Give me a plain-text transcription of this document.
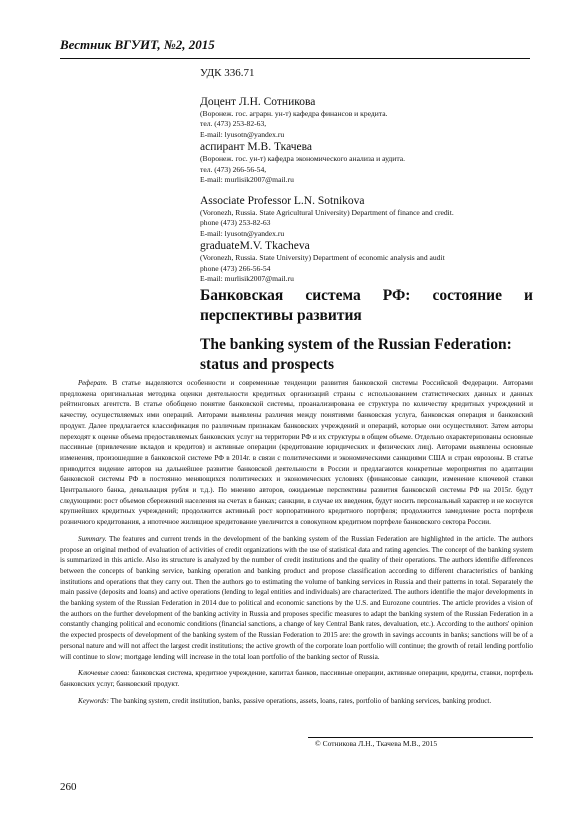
Вестник ВГУИТ, №2, 2015
УДК 336.71
Доцент Л.Н. Сотникова
(Воронеж. гос. аграрн. ун-т) кафедра финансов и кредита.
тел. (473) 253-82-63,
E-mail: lyusotn@yandex.ru
аспирант М.В. Ткачева
(Воронеж. гос. ун-т) кафедра экономического анализа и аудита.
тел. (473) 266-56-54,
E-mail: murlisik2007@mail.ru
Associate Professor L.N. Sotnikova
(Voronezh, Russia. State Agricultural University) Department of finance and credit.
phone (473) 253-82-63
E-mail: lyusotn@yandex.ru
graduateM.V. Tkacheva
(Voronezh, Russia. State University) Department of economic analysis and audit
phone (473) 266-56-54
E-mail: murlisik2007@mail.ru
Банковская система РФ: состояние и
перспективы развития
The banking system of the Russian Federation: status and prospects

Реферат. В статье выделяются особенности и современные тенденции развития банковской системы Российской Федерации. Авторами предложена оригинальная методика оценки деятельности кредитных организаций страны с использованием статистических данных и данных рейтинговых агентств. В статье обобщено понятие банковской системы, проанализирована ее структура по количеству кредитных учреждений и качеству, осуществляемых ими операций. Авторами выявлены различия между понятиями банковская услуга, банковская операция и банковский продукт. Далее предлагается классификация по различным признакам банковских учреждений и операций, которые они осуществляют. Затем авторы переходят к оценке объема предоставляемых банковских услуг на территории РФ и их структуры в общем объеме. Отдельно охарактеризованы основные пассивные (привлечение вкладов и кредитов) и активные операции (кредитование юридических и физических лиц). Авторами выявлены основные изменения, произошедшие в банковской системе РФ в 2014г. в связи с политическими и экономическими санкциями США и стран еврозоны. В статье приводится видение авторов на дальнейшее развитие банковской деятельности в России и предлагаются конкретные мероприятия по адаптации банковской системы РФ в постоянно меняющихся политических и экономических условиях (финансовые санкции, изменение ключевой ставки Центрального банка, девальвация рубля и т.д.). По мнению авторов, ожидаемые перспективы развития банковской системы РФ на 2015г. будут следующими: рост объемов сбережений населения на счетах в банках; санкции, в случае их введения, будут носить персональный характер и не коснутся крупнейших кредитных учреждений; продолжится активный рост корпоративного кредитного портфеля; продолжится замедление роста портфеля розничного кредитования, а ипотечное жилищное кредитование увеличится в совокупном кредитном портфеле банковского сектора России.

Summary. The features and current trends in the development of the banking system of the Russian Federation are highlighted in the article. The authors propose an original method of evaluation of activities of credit organizations with the use of statistical data and rating agencies. The concept of the banking system is summarized in this article. Also its structure is analyzed by the number of credit institutions and the quality of their operations. The authors identifie differences between the concepts of banking service, banking operation and banking product and propose classification according to different characteristics of banking institutions and operations that they carry out. Then the authors go to estimating the volume of banking services in Russia and their patterns in total. Separately the main passive (deposits and loans) and active operations (lending to legal entities and individuals) are characterized. The authors identifie the major developments in the banking system of the Russian Federation in 2014 due to political and economic sanctions by the U.S. and Eurozone countries. The article provides a vision of the authors on the further development of the banking activity in Russia and proposes specific measures to adapt the banking system of the Russian Federation in a constantly changing political and economic conditions (financial sanctions, a change of key Central Bank rates, devaluation, etc.). According to the authors' opinion the expected prospects of development of the banking system of the Russian Federation to 2015 are: the growth in savings accounts in banks; sanctions will be of a personal nature and will not affect the largest credit institutions; the active growth of the corporate loan portfolio will continue; the growth of retail lending portfolio will continue to slow; mortgage lending will increase in the total loan portfolio of the banking sector of Russia.

Ключевые слова: банковская система, кредитное учреждение, капитал банков, пассивные операции, активные операции, кредиты, ставки, портфель банковских услуг, банковский продукт.

Keywords: The banking system, credit institution, banks, passive operations, assets, loans, rates, portfolio of banking services, banking product.

© Сотникова Л.Н., Ткачева М.В., 2015
260
